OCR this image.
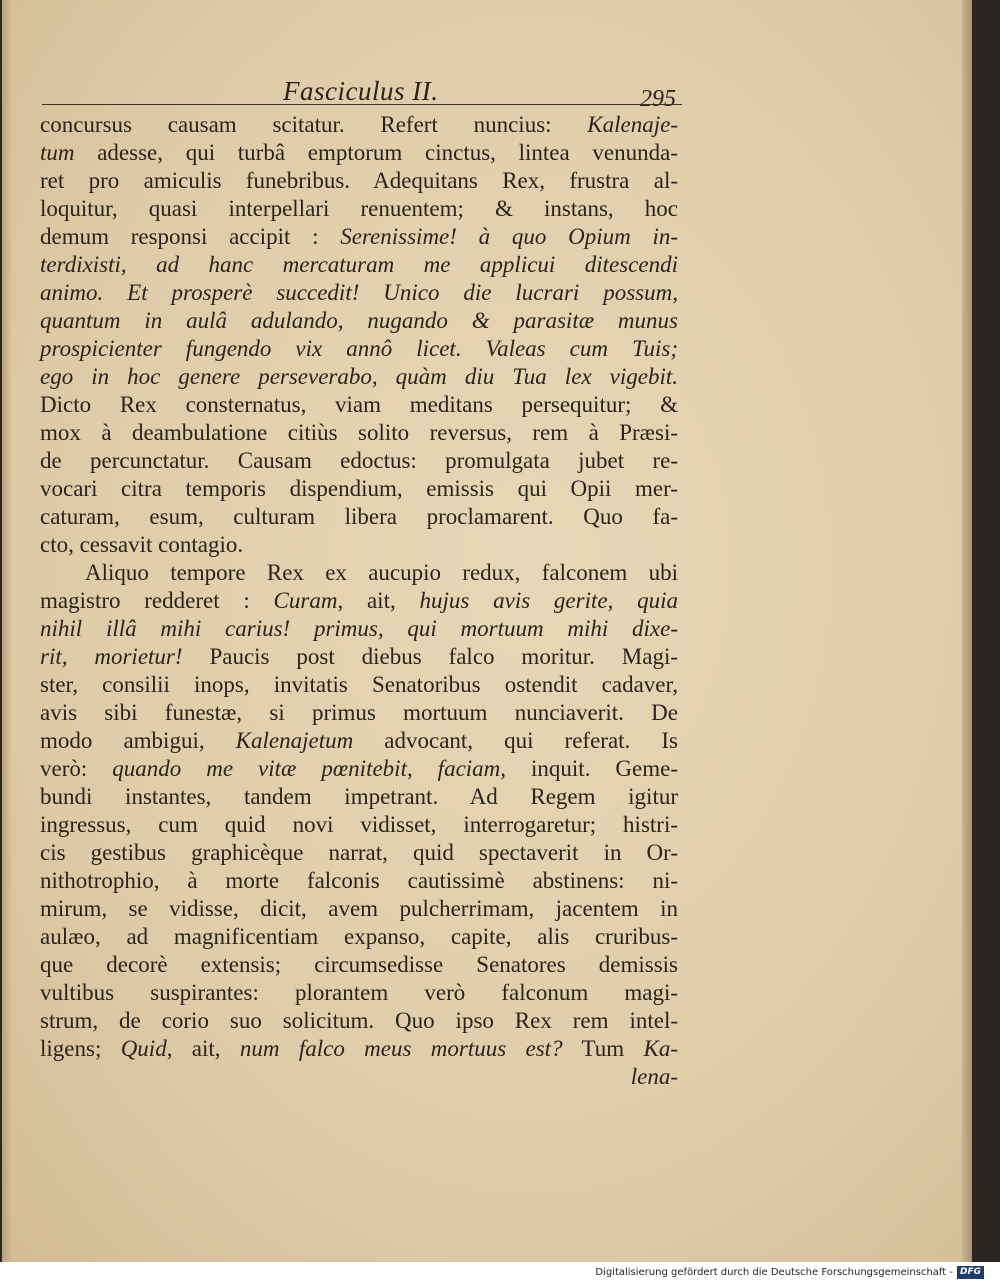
Fasciculus II.	295
concursus causam scitatur. Refert nuncius: Kalenaje-
tum adesse, qui turbâ emptorum cinctus, lintea venunda-
ret pro amiculis funebribus. Adequitans Rex, frustra al-
loquitur, quasi interpellari renuentem; & instans, hoc
demum responsi accipit : Serenissime! à quo Opium in-
terdixisti, ad hanc mercaturam me applicui ditescendi
animo. Et prosperè succedit! Unico die lucrari possum,
quantum in aulâ adulando, nugando & parasitæ munus
prospicienter fungendo vix annô licet. Valeas cum Tuis;
ego in hoc genere perseverabo, quàm diu Tua lex vigebit.
Dicto Rex consternatus, viam meditans persequitur; &
mox à deambulatione citiùs solito reversus, rem à Præsi-
de percunctatur. Causam edoctus: promulgata jubet re-
vocari citra temporis dispendium, emissis qui Opii mer-
caturam, esum, culturam libera proclamarent. Quo fa-
cto, cessavit contagio.
Aliquo tempore Rex ex aucupio redux, falconem ubi
magistro redderet : Curam, ait, hujus avis gerite, quia
nihil illâ mihi carius! primus, qui mortuum mihi dixe-
rit, morietur! Paucis post diebus falco moritur. Magi-
ster, consilii inops, invitatis Senatoribus ostendit cadaver,
avis sibi funestæ, si primus mortuum nunciaverit. De
modo ambigui, Kalenajetum advocant, qui referat. Is
verò: quando me vitæ pœnitebit, faciam, inquit. Geme-
bundi instantes, tandem impetrant. Ad Regem igitur
ingressus, cum quid novi vidisset, interrogaretur; histri-
cis gestibus graphicèque narrat, quid spectaverit in Or-
nithotrophio, à morte falconis cautissimè abstinens: ni-
mirum, se vidisse, dicit, avem pulcherrimam, jacentem in
aulæo, ad magnificentiam expanso, capite, alis cruribus-
que decorè extensis; circumsedisse Senatores demissis
vultibus suspirantes: plorantem verò falconum magi-
strum, de corio suo solicitum. Quo ipso Rex rem intel-
ligens; Quid, ait, num falco meus mortuus est? Tum Ka-
lena-
Digitalisierung gefördert durch die Deutsche Forschungsgemeinschaft - DFG
